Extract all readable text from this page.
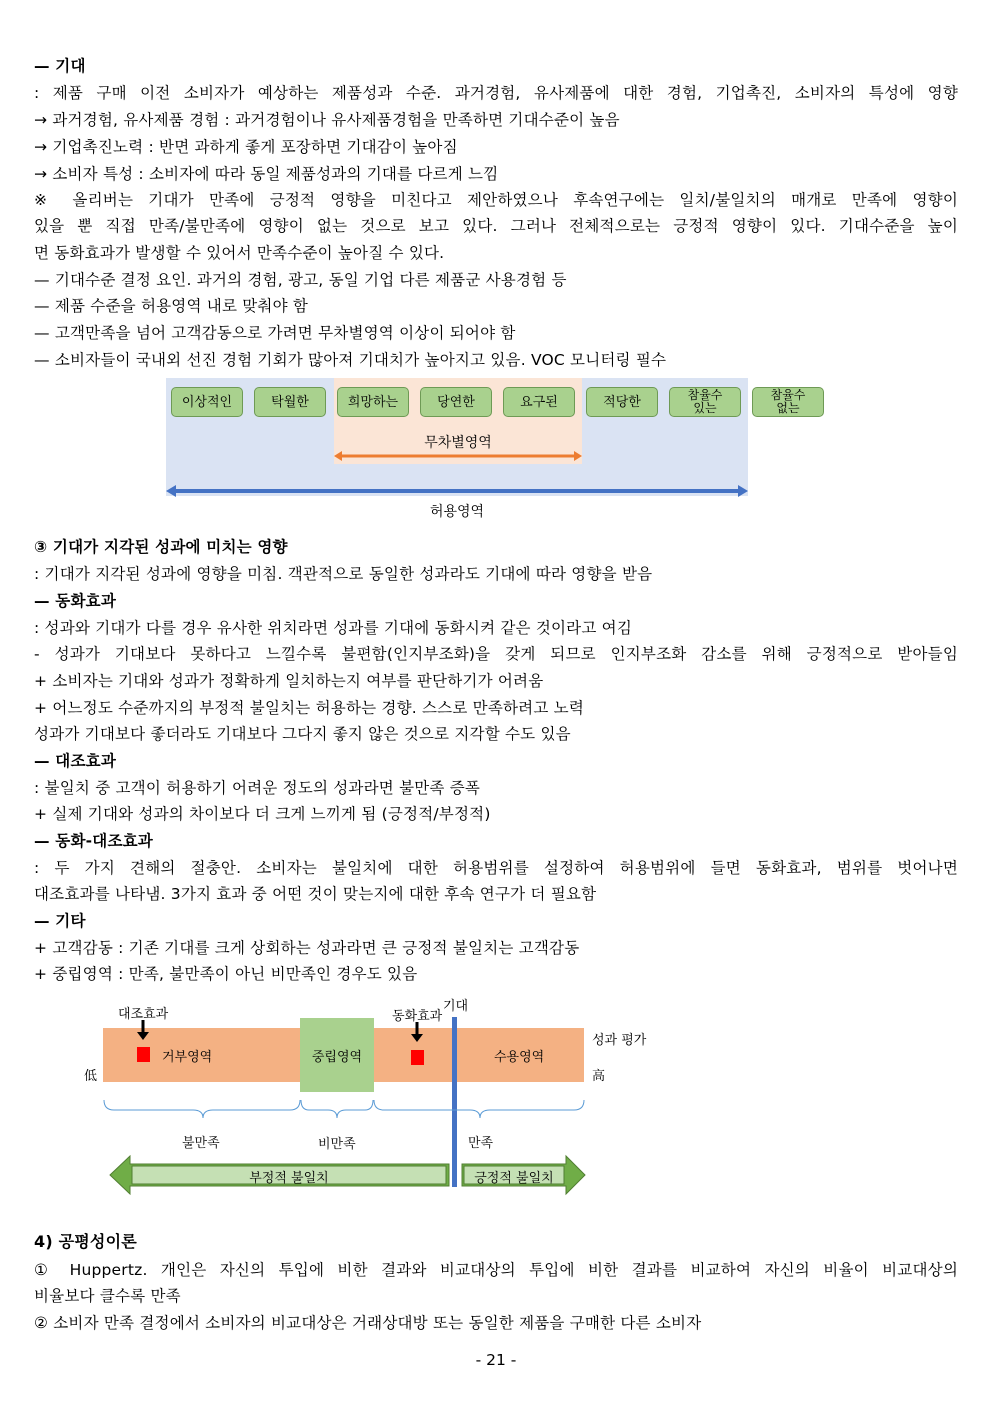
— 기대
: 제품 구매 이전 소비자가 예상하는 제품성과 수준. 과거경험, 유사제품에 대한 경험, 기업촉진, 소비자의 특성에 영향
→ 과거경험, 유사제품 경험 : 과거경험이나 유사제품경험을 만족하면 기대수준이 높음
→ 기업촉진노력 : 반면 과하게 좋게 포장하면 기대감이 높아짐
→ 소비자 특성 : 소비자에 따라 동일 제품성과의 기대를 다르게 느낌
※ 올리버는 기대가 만족에 긍정적 영향을 미친다고 제안하였으나 후속연구에는 일치/불일치의 매개로 만족에 영향이
있을 뿐 직접 만족/불만족에 영향이 없는 것으로 보고 있다. 그러나 전체적으로는 긍정적 영향이 있다. 기대수준을 높이
면 동화효과가 발생할 수 있어서 만족수준이 높아질 수 있다.
— 기대수준 결정 요인. 과거의 경험, 광고, 동일 기업 다른 제품군 사용경험 등
— 제품 수준을 허용영역 내로 맞춰야 함
— 고객만족을 넘어 고객감동으로 가려면 무차별영역 이상이 되어야 함
— 소비자들이 국내외 선진 경험 기회가 많아져 기대치가 높아지고 있음. VOC 모니터링 필수
이상적인	탁월한	희망하는	당연한	요구된	적당한	참율수 있는
참율수 없는
무차별영역
허용영역
③ 기대가 지각된 성과에 미치는 영향
: 기대가 지각된 성과에 영향을 미침. 객관적으로 동일한 성과라도 기대에 따라 영향을 받음
— 동화효과
: 성과와 기대가 다를 경우 유사한 위치라면 성과를 기대에 동화시켜 같은 것이라고 여김
- 성과가 기대보다 못하다고 느낄수록 불편함(인지부조화)을 갖게 되므로 인지부조화 감소를 위해 긍정적으로 받아들임
+ 소비자는 기대와 성과가 정확하게 일치하는지 여부를 판단하기가 어려움
+ 어느정도 수준까지의 부정적 불일치는 허용하는 경향. 스스로 만족하려고 노력
성과가 기대보다 좋더라도 기대보다 그다지 좋지 않은 것으로 지각할 수도 있음
— 대조효과
: 불일치 중 고객이 허용하기 어려운 정도의 성과라면 불만족 증폭
+ 실제 기대와 성과의 차이보다 더 크게 느끼게 됨 (긍정적/부정적)
— 동화-대조효과
: 두 가지 견해의 절충안. 소비자는 불일치에 대한 허용범위를 설정하여 허용범위에 들면 동화효과, 범위를 벗어나면
대조효과를 나타냄. 3가지 효과 중 어떤 것이 맞는지에 대한 후속 연구가 더 필요함
— 기타
+ 고객감동 : 기존 기대를 크게 상회하는 성과라면 큰 긍정적 불일치는 고객감동
+ 중립영역 : 만족, 불만족이 아닌 비만족인 경우도 있음
대조효과	동화효과
기대
거부영역	중립영역	수용영역
성과 평가
低	高
불만족	비만족	만족
부정적 불일치	긍정적 불일치
4) 공평성이론
① Huppertz. 개인은 자신의 투입에 비한 결과와 비교대상의 투입에 비한 결과를 비교하여 자신의 비율이 비교대상의
비율보다 클수록 만족
② 소비자 만족 결정에서 소비자의 비교대상은 거래상대방 또는 동일한 제품을 구매한 다른 소비자
- 21 -
